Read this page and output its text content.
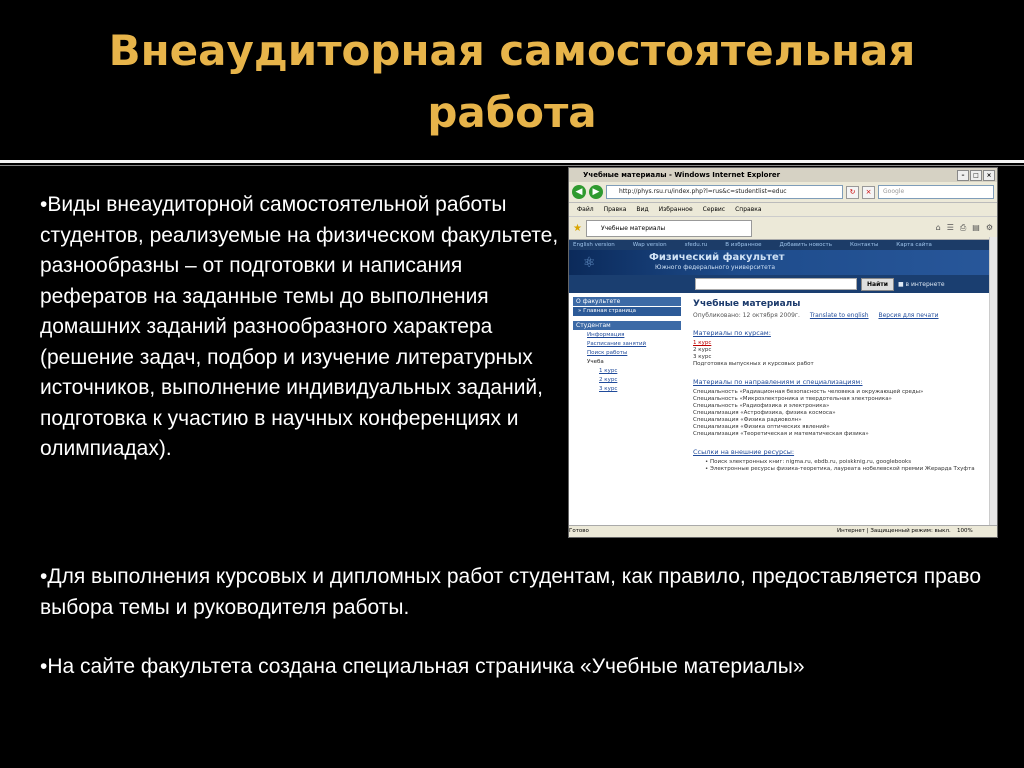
Внеаудиторная самостоятельная
работа
•Виды внеаудиторной самостоятельной работы студентов, реализуемые на физическом факультете, разнообразны – от подготовки и написания рефератов на заданные темы до выполнения домашних заданий разнообразного характера (решение задач, подбор и изучение литературных источников, выполнение индивидуальных заданий, подготовка к участию в научных конференциях и олимпиадах).
•Для выполнения курсовых и дипломных работ студентам, как правило, предоставляется право выбора темы и руководителя работы.
•На сайте факультета создана специальная страничка «Учебные материалы»
Учебные материалы - Windows Internet Explorer	–	□	×
◀	▶	http://phys.rsu.ru/index.php?l=rus&c=studentlist=educ	↻	×	Google
Файл Правка Вид Избранное Сервис Справка
★	Учебные материалы	⌂ ☰ ⎙ ▤ ⚙
English version	Wap version	sfedu.ru	В избранное	Добавить новость	Контакты	Карта сайта
⚛	Физический факультет
Южного федерального университета
Найти	■ в интернете
О факультете
» Главная страница
Студентам
Информация
Расписание занятий
Поиск работы
Учеба
1 курс
2 курс
3 курс
Учебные материалы
Опубликовано: 12 октября 2009г. Translate to english Версия для печати
Материалы по курсам:
1 курс
2 курс
3 курс
Подготовка выпускных и курсовых работ
Материалы по направлениям и специализациям:
Специальность «Радиационная безопасность человека и окружающей среды»
Специальность «Микроэлектроника и твердотельная электроника»
Специальность «Радиофизика и электроника»
Специализация «Астрофизика, физика космоса»
Специализация «Физика радиоволн»
Специализация «Физика оптических явлений»
Специализация «Теоретическая и математическая физика»
Ссылки на внешние ресурсы:
• Поиск электронных книг: nigma.ru, ebdb.ru, poiskknig.ru, googlebooks
• Электронные ресурсы физика-теоретика, лауреата нобелевской премии Жерарда Тхуфта
Готово	Интернет | Защищенный режим: выкл.	100%
